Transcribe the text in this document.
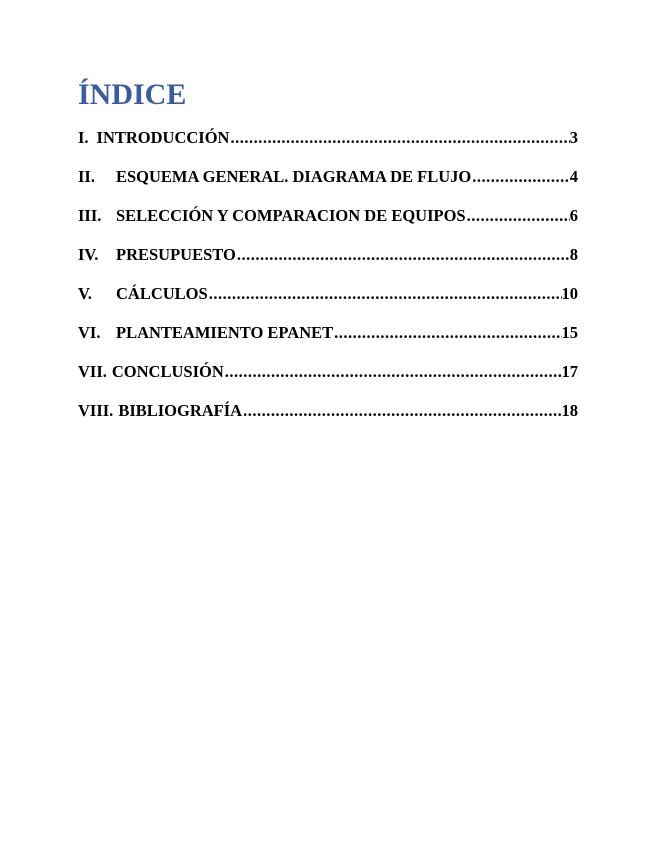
ÍNDICE
I. INTRODUCCIÓN .....	3
II.	ESQUEMA GENERAL. DIAGRAMA DE FLUJO .....	4
III. SELECCIÓN Y COMPARACION DE EQUIPOS .....	6
IV.	PRESUPUESTO .....	8
V.	CÁLCULOS .....	10
VI. PLANTEAMIENTO EPANET .....	15
VII. CONCLUSIÓN .....	17
VIII. BIBLIOGRAFÍA .....	18
